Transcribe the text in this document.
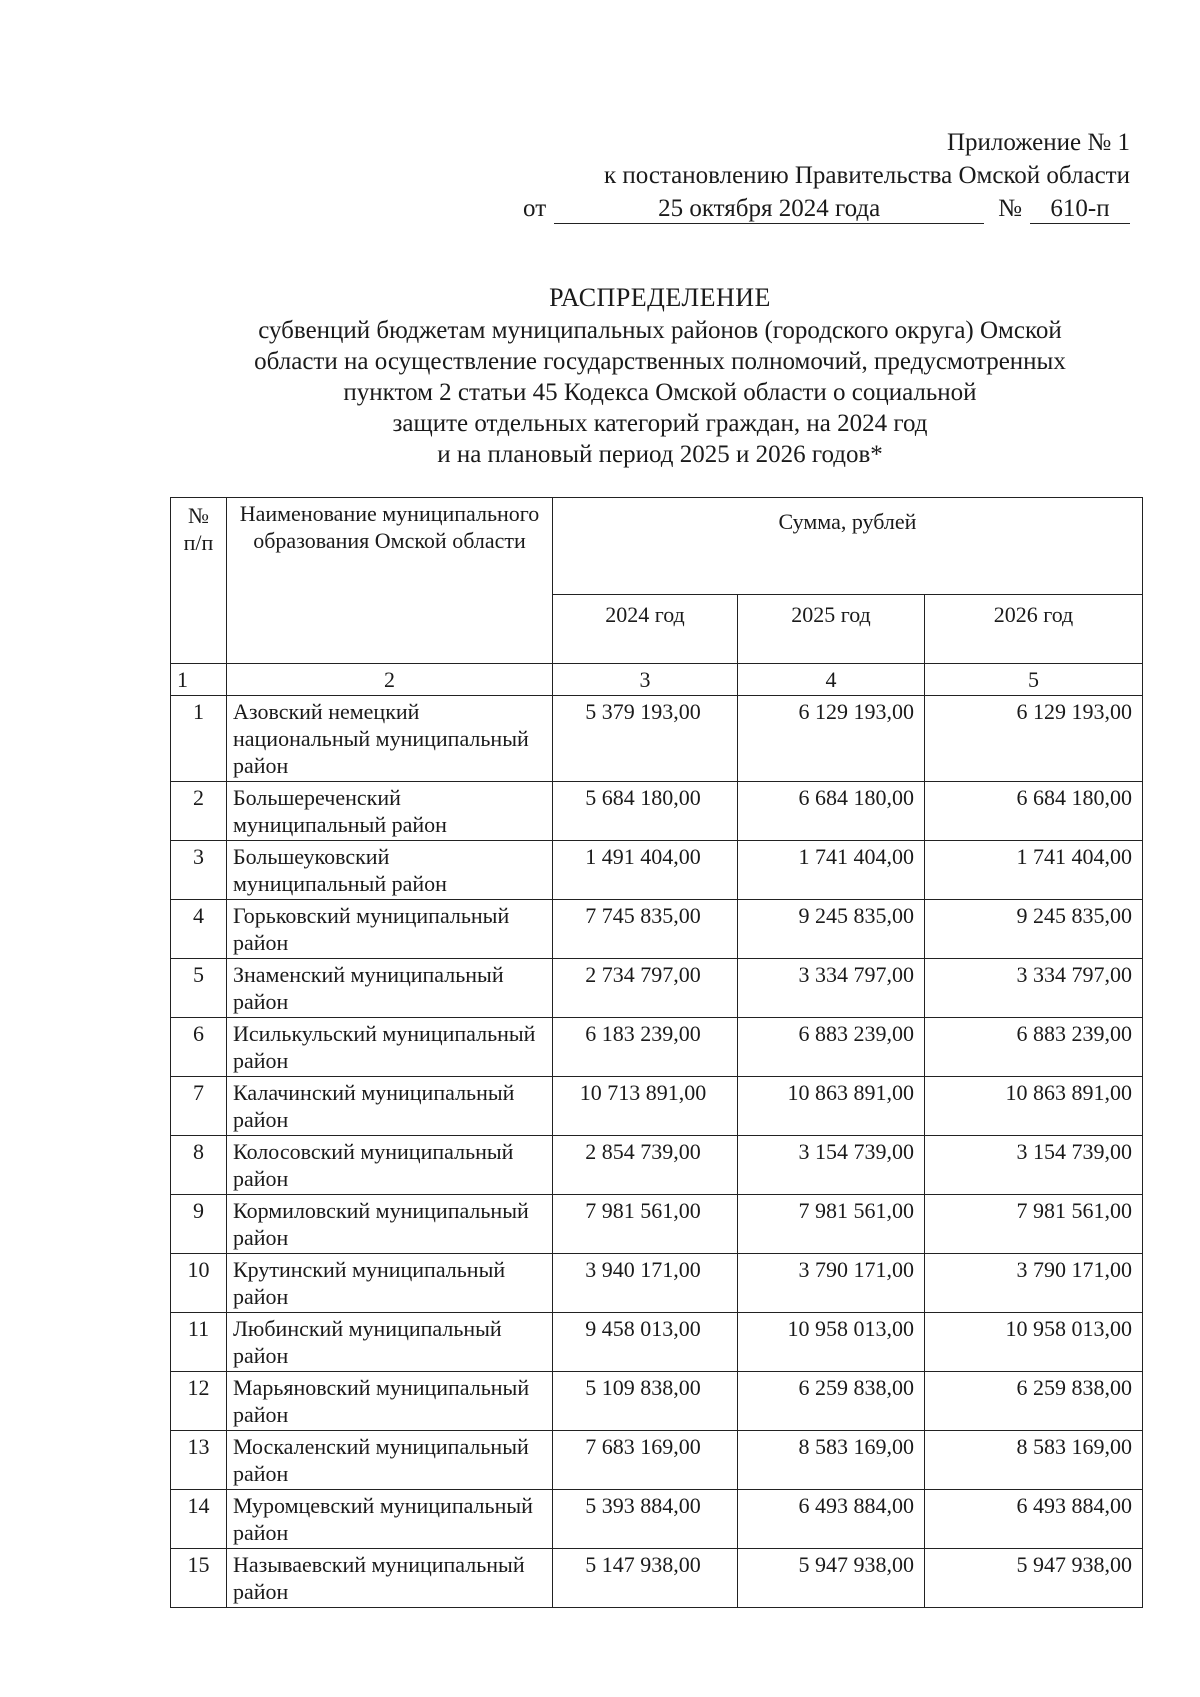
Приложение № 1
к постановлению Правительства Омской области
от	25 октября 2024 года	№	610-п
РАСПРЕДЕЛЕНИЕ
субвенций бюджетам муниципальных районов (городского округа) Омской
области на осуществление государственных полномочий, предусмотренных
пунктом 2 статьи 45 Кодекса Омской области о социальной
защите отдельных категорий граждан, на 2024 год
и на плановый период 2025 и 2026 годов*
№ п/п	Наименование муниципального образования Омской области	Сумма, рублей		
		2024 год	2025 год	2026 год
1	2	3	4	5
1	Азовский немецкий национальный муниципальный район	5 379 193,00	6 129 193,00	6 129 193,00
2	Большереченский муниципальный район	5 684 180,00	6 684 180,00	6 684 180,00
3	Большеуковский муниципальный район	1 491 404,00	1 741 404,00	1 741 404,00
4	Горьковский муниципальный район	7 745 835,00	9 245 835,00	9 245 835,00
5	Знаменский муниципальный район	2 734 797,00	3 334 797,00	3 334 797,00
6	Исилькульский муниципальный район	6 183 239,00	6 883 239,00	6 883 239,00
7	Калачинский муниципальный район	10 713 891,00	10 863 891,00	10 863 891,00
8	Колосовский муниципальный район	2 854 739,00	3 154 739,00	3 154 739,00
9	Кормиловский муниципальный район	7 981 561,00	7 981 561,00	7 981 561,00
10	Крутинский муниципальный район	3 940 171,00	3 790 171,00	3 790 171,00
11	Любинский муниципальный район	9 458 013,00	10 958 013,00	10 958 013,00
12	Марьяновский муниципальный район	5 109 838,00	6 259 838,00	6 259 838,00
13	Москаленский муниципальный район	7 683 169,00	8 583 169,00	8 583 169,00
14	Муромцевский муниципальный район	5 393 884,00	6 493 884,00	6 493 884,00
15	Называевский муниципальный район	5 147 938,00	5 947 938,00	5 947 938,00
